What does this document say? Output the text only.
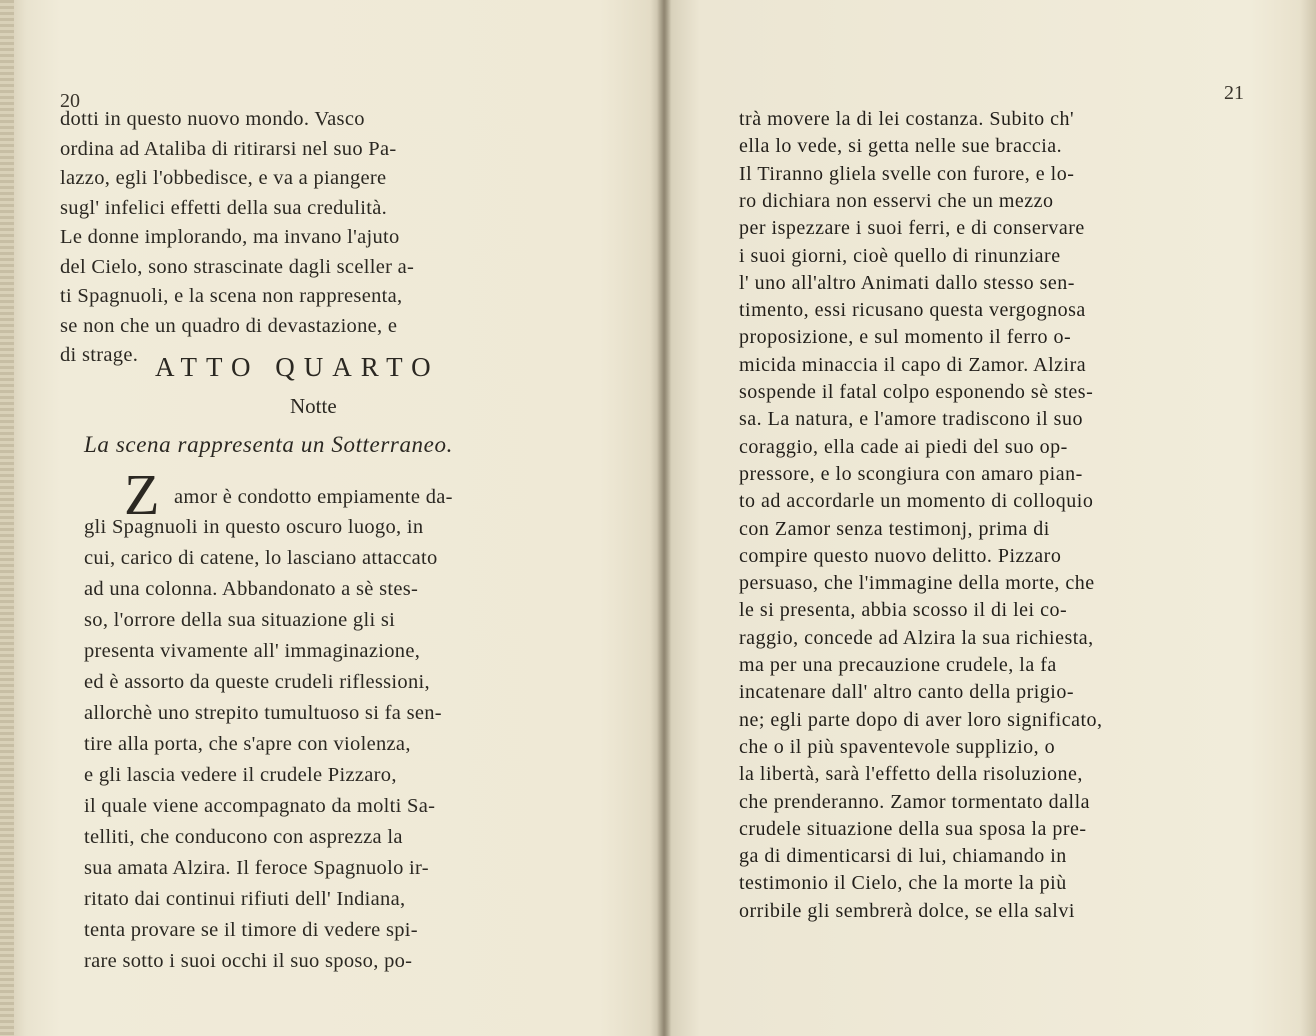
20
dotti in questo nuovo mondo. Vasco
ordina ad Ataliba di ritirarsi nel suo Pa-
lazzo, egli l'obbedisce, e va a piangere
sugl' infelici effetti della sua credulità.
Le donne implorando, ma invano l'ajuto
del Cielo, sono strascinate dagli sceller a-
ti Spagnuoli, e la scena non rappresenta,
se non che un quadro di devastazione, e
di strage. ATTO QUARTO
Notte
La scena rappresenta un Sotterraneo.
Z amor è condotto empiamente da-
gli Spagnuoli in questo oscuro luogo, in
cui, carico di catene, lo lasciano attaccato
ad una colonna. Abbandonato a sè stes-
so, l'orrore della sua situazione gli si
presenta vivamente all' immaginazione,
ed è assorto da queste crudeli riflessioni,
allorchè uno strepito tumultuoso si fa sen-
tire alla porta, che s'apre con violenza,
e gli lascia vedere il crudele Pizzaro,
il quale viene accompagnato da molti Sa-
telliti, che conducono con asprezza la
sua amata Alzira. Il feroce Spagnuolo ir-
ritato dai continui rifiuti dell' Indiana,
tenta provare se il timore di vedere spi-
rare sotto i suoi occhi il suo sposo, po-
21
trà movere la di lei costanza. Subito ch'
ella lo vede, si getta nelle sue braccia.
Il Tiranno gliela svelle con furore, e lo-
ro dichiara non esservi che un mezzo
per ispezzare i suoi ferri, e di conservare
i suoi giorni, cioè quello di rinunziare
l' uno all'altro Animati dallo stesso sen-
timento, essi ricusano questa vergognosa
proposizione, e sul momento il ferro o-
micida minaccia il capo di Zamor. Alzira
sospende il fatal colpo esponendo sè stes-
sa. La natura, e l'amore tradiscono il suo
coraggio, ella cade ai piedi del suo op-
pressore, e lo scongiura con amaro pian-
to ad accordarle un momento di colloquio
con Zamor senza testimonj, prima di
compire questo nuovo delitto. Pizzaro
persuaso, che l'immagine della morte, che
le si presenta, abbia scosso il di lei co-
raggio, concede ad Alzira la sua richiesta,
ma per una precauzione crudele, la fa
incatenare dall' altro canto della prigio-
ne; egli parte dopo di aver loro significato,
che o il più spaventevole supplizio, o
la libertà, sarà l'effetto della risoluzione,
che prenderanno. Zamor tormentato dalla
crudele situazione della sua sposa la pre-
ga di dimenticarsi di lui, chiamando in
testimonio il Cielo, che la morte la più
orribile gli sembrerà dolce, se ella salvi
